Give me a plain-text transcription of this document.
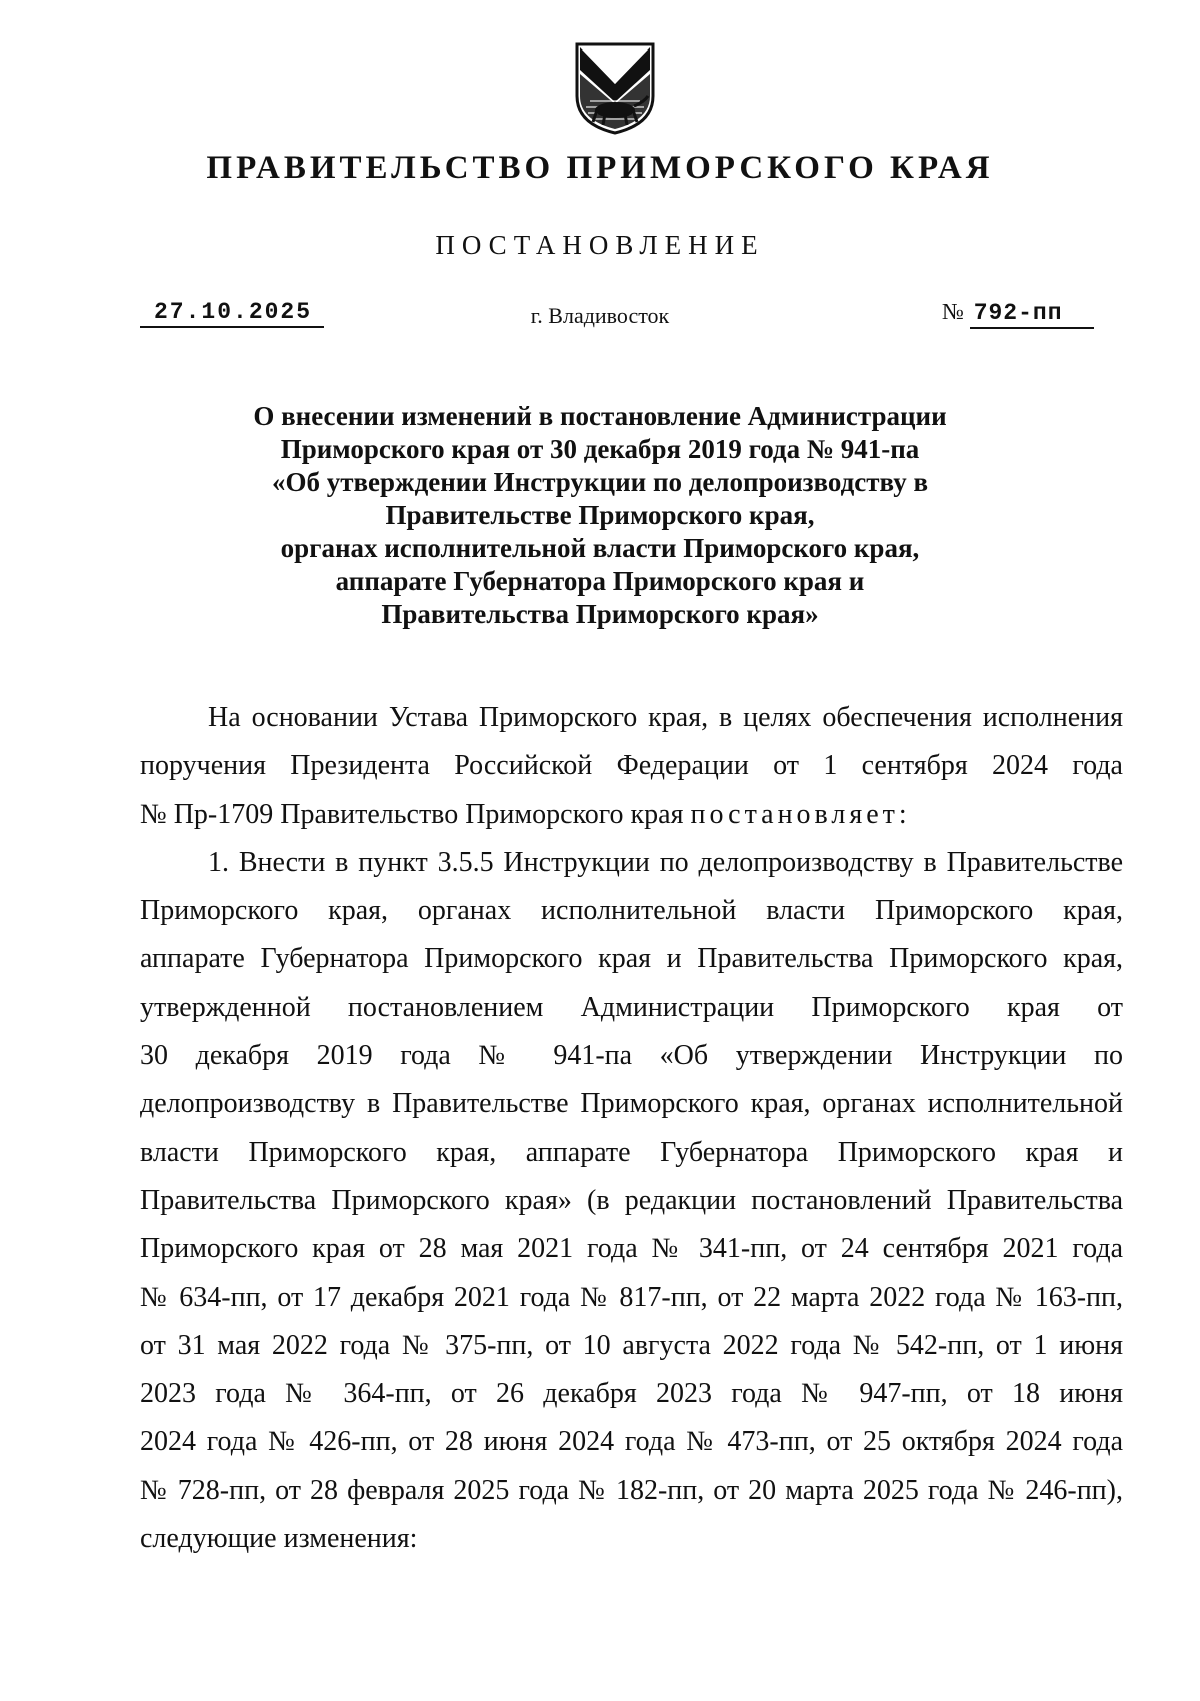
ПРАВИТЕЛЬСТВО ПРИМОРСКОГО КРАЯ
ПОСТАНОВЛЕНИЕ
27.10.2025	г. Владивосток	№ 792-пп
О внесении изменений в постановление Администрации
Приморского края от 30 декабря 2019 года № 941-па
«Об утверждении Инструкции по делопроизводству в
Правительстве Приморского края,
органах исполнительной власти Приморского края,
аппарате Губернатора Приморского края и
Правительства Приморского края»
На основании Устава Приморского края, в целях обеспечения исполнения
поручения Президента Российской Федерации от 1 сентября 2024 года
№ Пр-1709 Правительство Приморского края постановляет:
1. Внести в пункт 3.5.5 Инструкции по делопроизводству в Правительстве
Приморского края, органах исполнительной власти Приморского края,
аппарате Губернатора Приморского края и Правительства Приморского края,
утвержденной постановлением Администрации Приморского края от
30 декабря 2019 года № 941-па «Об утверждении Инструкции по
делопроизводству в Правительстве Приморского края, органах исполнительной
власти Приморского края, аппарате Губернатора Приморского края и
Правительства Приморского края» (в редакции постановлений Правительства
Приморского края от 28 мая 2021 года № 341-пп, от 24 сентября 2021 года
№ 634-пп, от 17 декабря 2021 года № 817-пп, от 22 марта 2022 года № 163-пп,
от 31 мая 2022 года № 375-пп, от 10 августа 2022 года № 542-пп, от 1 июня
2023 года № 364-пп, от 26 декабря 2023 года № 947-пп, от 18 июня
2024 года № 426-пп, от 28 июня 2024 года № 473-пп, от 25 октября 2024 года
№ 728-пп, от 28 февраля 2025 года № 182-пп, от 20 марта 2025 года № 246-пп),
следующие изменения:
